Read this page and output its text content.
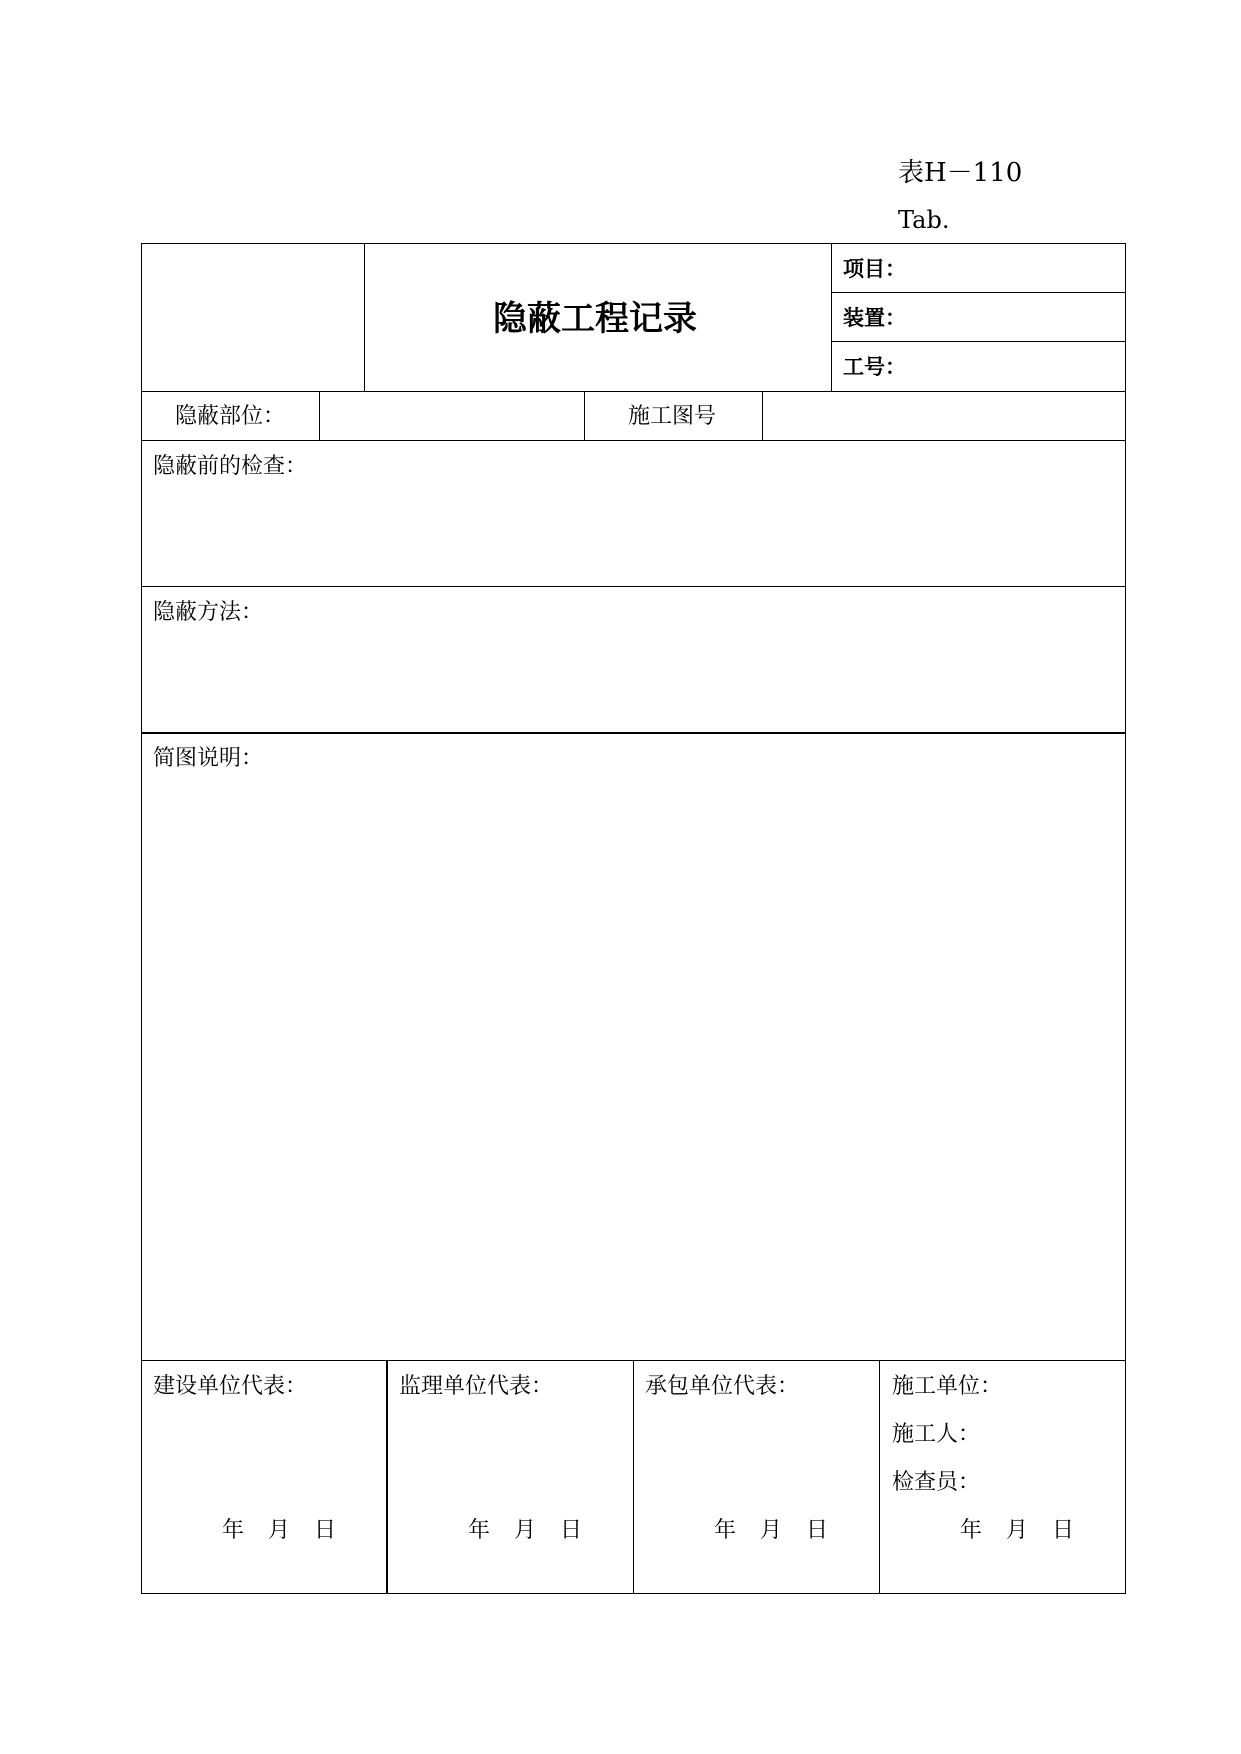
表H－110
Tab.
隐蔽工程记录
项目：
装置：
工号：
隐蔽部位：	施工图号
隐蔽前的检查：
隐蔽方法：
简图说明：
建设单位代表：	监理单位代表：	承包单位代表：	施工单位：
施工人：
检查员：
年 月 日	年 月 日	年 月 日	年 月 日
